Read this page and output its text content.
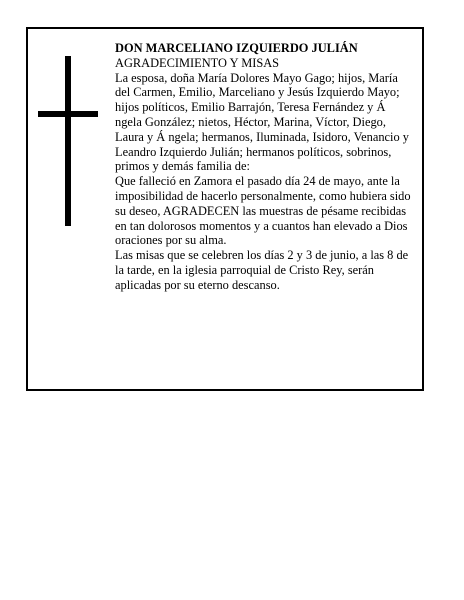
DON MARCELIANO IZQUIERDO JULIÁN

AGRADECIMIENTO Y MISAS

La esposa, doña María Dolores Mayo Gago; hijos, María del Carmen, Emilio, Marceliano y Jesús Izquierdo Mayo; hijos políticos, Emilio Barrajón, Teresa Fernández y Á ngela González; nietos, Héctor, Marina, Víctor, Diego, Laura y Á ngela; hermanos, Iluminada, Isidoro, Venancio y Leandro Izquierdo Julián; hermanos políticos, sobrinos, primos y demás familia de:

Que falleció en Zamora el pasado día 24 de mayo, ante la imposibilidad de hacerlo personalmente, como hubiera sido su deseo, AGRADECEN las muestras de pésame recibidas en tan dolorosos momentos y a cuantos han elevado a Dios oraciones por su alma.

Las misas que se celebren los días 2 y 3 de junio, a las 8 de la tarde, en la iglesia parroquial de Cristo Rey, serán aplicadas por su eterno descanso.
